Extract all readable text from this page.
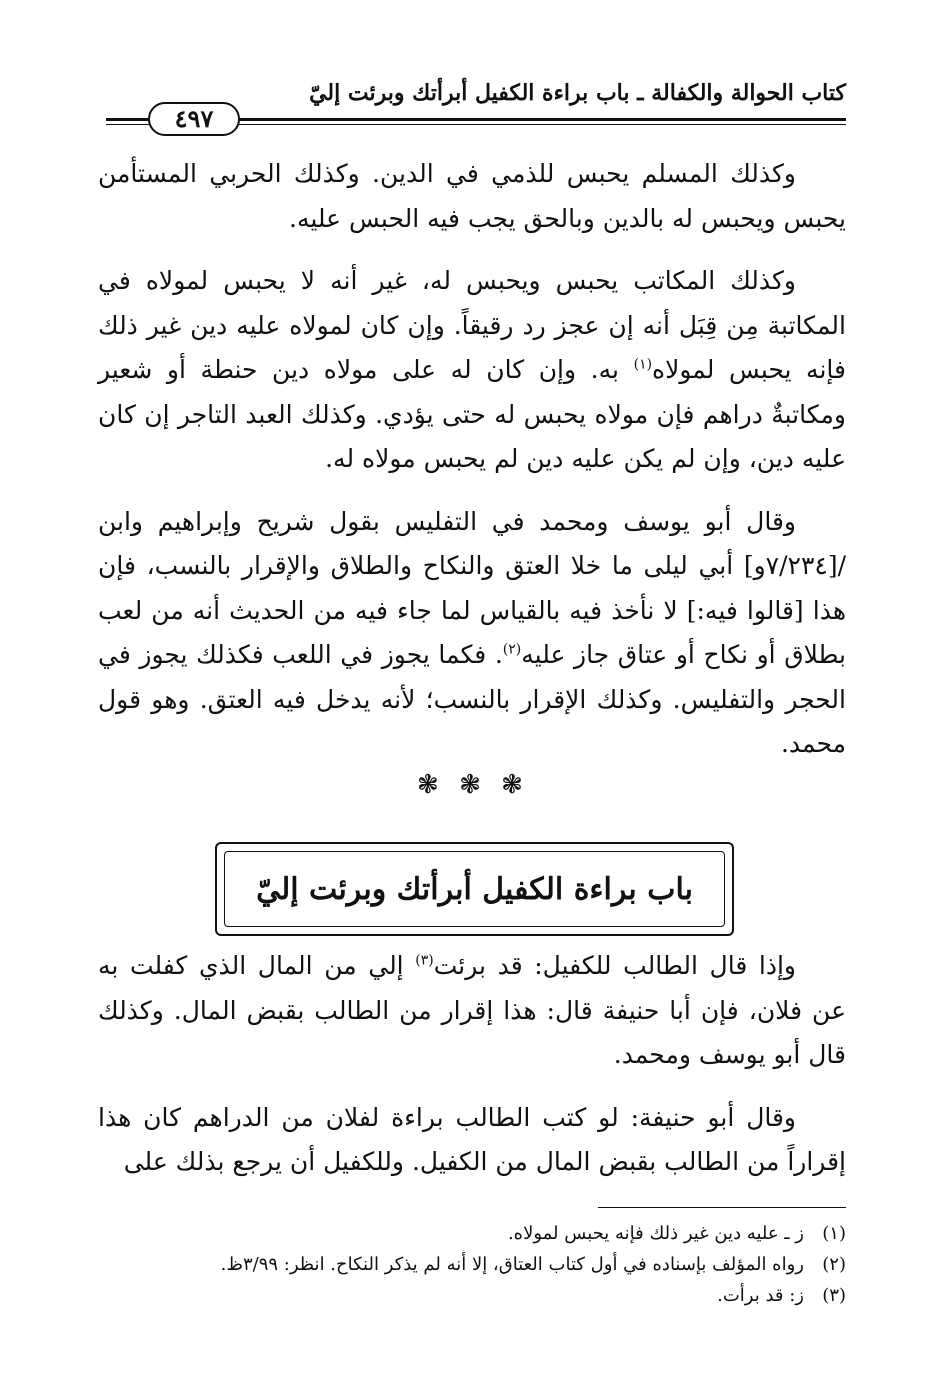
كتاب الحوالة والكفالة ـ باب براءة الكفيل أبرأتك وبرئت إليّ
٤٩٧

وكذلك المسلم يحبس للذمي في الدين. وكذلك الحربي المستأمن يحبس ويحبس له بالدين وبالحق يجب فيه الحبس عليه.

وكذلك المكاتب يحبس ويحبس له، غير أنه لا يحبس لمولاه في المكاتبة مِن قِبَل أنه إن عجز رد رقيقاً. وإن كان لمولاه عليه دين غير ذلك فإنه يحبس لمولاه$^{(١)}$ به. وإن كان له على مولاه دين حنطة أو شعير ومكاتبةٌ دراهم فإن مولاه يحبس له حتى يؤدي. وكذلك العبد التاجر إن كان عليه دين، وإن لم يكن عليه دين لم يحبس مولاه له.

وقال أبو يوسف ومحمد في التفليس بقول شريح وإبراهيم وابن /[٧/٢٣٤و] أبي ليلى ما خلا العتق والنكاح والطلاق والإقرار بالنسب، فإن هذا [قالوا فيه:] لا نأخذ فيه بالقياس لما جاء فيه من الحديث أنه من لعب بطلاق أو نكاح أو عتاق جاز عليه$^{(٢)}$. فكما يجوز في اللعب فكذلك يجوز في الحجر والتفليس. وكذلك الإقرار بالنسب؛ لأنه يدخل فيه العتق. وهو قول محمد.

❃ ❃ ❃
باب براءة الكفيل أبرأتك وبرئت إليّ

وإذا قال الطالب للكفيل: قد برئت$^{(٣)}$ إلي من المال الذي كفلت به عن فلان، فإن أبا حنيفة قال: هذا إقرار من الطالب بقبض المال. وكذلك قال أبو يوسف ومحمد.

وقال أبو حنيفة: لو كتب الطالب براءة لفلان من الدراهم كان هذا إقراراً من الطالب بقبض المال من الكفيل. وللكفيل أن يرجع بذلك على

(١)ز ـ عليه دين غير ذلك فإنه يحبس لمولاه.
(٢)رواه المؤلف بإسناده في أول كتاب العتاق، إلا أنه لم يذكر النكاح. انظر: ٣/٩٩ظ.
(٣)ز: قد برأت.
